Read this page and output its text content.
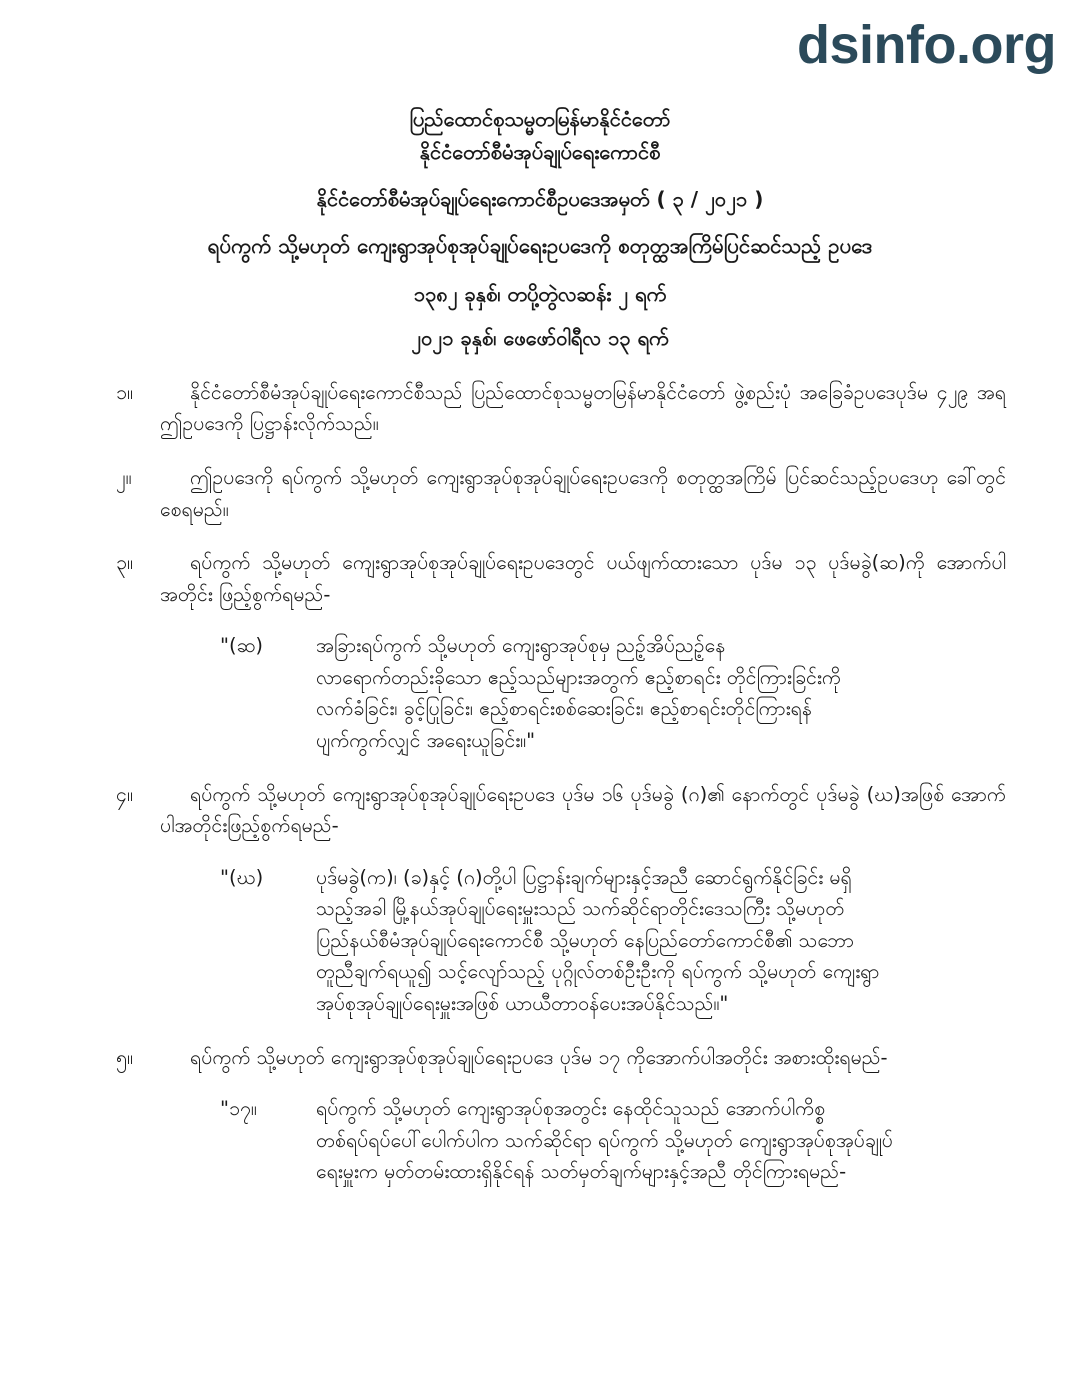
dsinfo.org
ပြည်ထောင်စုသမ္မတမြန်မာနိုင်ငံတော်
နိုင်ငံတော်စီမံအုပ်ချုပ်ရေးကောင်စီ
နိုင်ငံတော်စီမံအုပ်ချုပ်ရေးကောင်စီဥပဒေအမှတ် ( ၃ / ၂၀၂၁ )
ရပ်ကွက် သို့မဟုတ် ကျေးရွာအုပ်စုအုပ်ချုပ်ရေးဥပဒေကို စတုတ္ထအကြိမ်ပြင်ဆင်သည့် ဥပဒေ
၁၃၈၂ ခုနှစ်၊ တပို့တွဲလဆန်း ၂ ရက်
၂၀၂၁ ခုနှစ်၊ ဖေဖော်ဝါရီလ ၁၃ ရက်
၁။	နိုင်ငံတော်စီမံအုပ်ချုပ်ရေးကောင်စီသည် ပြည်ထောင်စုသမ္မတမြန်မာနိုင်ငံတော် ဖွဲ့စည်းပုံ အခြေခံဥပဒေပုဒ်မ ၄၂၉ အရ ဤဥပဒေကို ပြဋ္ဌာန်းလိုက်သည်။
၂။	ဤဥပဒေကို ရပ်ကွက် သို့မဟုတ် ကျေးရွာအုပ်စုအုပ်ချုပ်ရေးဥပဒေကို စတုတ္ထအကြိမ် ပြင်ဆင်သည့်ဥပဒေဟု ခေါ်တွင်စေရမည်။
၃။	ရပ်ကွက် သို့မဟုတ် ကျေးရွာအုပ်စုအုပ်ချုပ်ရေးဥပဒေတွင် ပယ်ဖျက်ထားသော ပုဒ်မ ၁၃ ပုဒ်မခွဲ(ဆ)ကို အောက်ပါ အတိုင်း ဖြည့်စွက်ရမည်-
"(ဆ)	အခြားရပ်ကွက် သို့မဟုတ် ကျေးရွာအုပ်စုမှ ညဉ့်အိပ်ညဉ့်နေ
လာရောက်တည်းခိုသော ဧည့်သည်များအတွက် ဧည့်စာရင်း တိုင်ကြားခြင်းကို
လက်ခံခြင်း၊ ခွင့်ပြုခြင်း၊ ဧည့်စာရင်းစစ်ဆေးခြင်း၊ ဧည့်စာရင်းတိုင်ကြားရန်
ပျက်ကွက်လျှင် အရေးယူခြင်း။"
၄။	ရပ်ကွက် သို့မဟုတ် ကျေးရွာအုပ်စုအုပ်ချုပ်ရေးဥပဒေ ပုဒ်မ ၁၆ ပုဒ်မခွဲ (ဂ)၏ နောက်တွင် ပုဒ်မခွဲ (ဃ)အဖြစ် အောက်ပါအတိုင်းဖြည့်စွက်ရမည်-
"(ဃ)	ပုဒ်မခွဲ(က)၊ (ခ)နှင့် (ဂ)တို့ပါ ပြဋ္ဌာန်းချက်များနှင့်အညီ ဆောင်ရွက်နိုင်ခြင်း မရှိ
သည့်အခါ မြို့နယ်အုပ်ချုပ်ရေးမှူးသည် သက်ဆိုင်ရာတိုင်းဒေသကြီး သို့မဟုတ်
ပြည်နယ်စီမံအုပ်ချုပ်ရေးကောင်စီ သို့မဟုတ် နေပြည်တော်ကောင်စီ၏ သဘော
တူညီချက်ရယူ၍ သင့်လျော်သည့် ပုဂ္ဂိုလ်တစ်ဦးဦးကို ရပ်ကွက် သို့မဟုတ် ကျေးရွာ
အုပ်စုအုပ်ချုပ်ရေးမှူးအဖြစ် ယာယီတာဝန်ပေးအပ်နိုင်သည်။"
၅။	ရပ်ကွက် သို့မဟုတ် ကျေးရွာအုပ်စုအုပ်ချုပ်ရေးဥပဒေ ပုဒ်မ ၁၇ ကိုအောက်ပါအတိုင်း အစားထိုးရမည်-
"၁၇။	ရပ်ကွက် သို့မဟုတ် ကျေးရွာအုပ်စုအတွင်း နေထိုင်သူသည် အောက်ပါကိစ္စ
တစ်ရပ်ရပ်ပေါ်ပေါက်ပါက သက်ဆိုင်ရာ ရပ်ကွက် သို့မဟုတ် ကျေးရွာအုပ်စုအုပ်ချုပ်
ရေးမှူးက မှတ်တမ်းထားရှိနိုင်ရန် သတ်မှတ်ချက်များနှင့်အညီ တိုင်ကြားရမည်-
